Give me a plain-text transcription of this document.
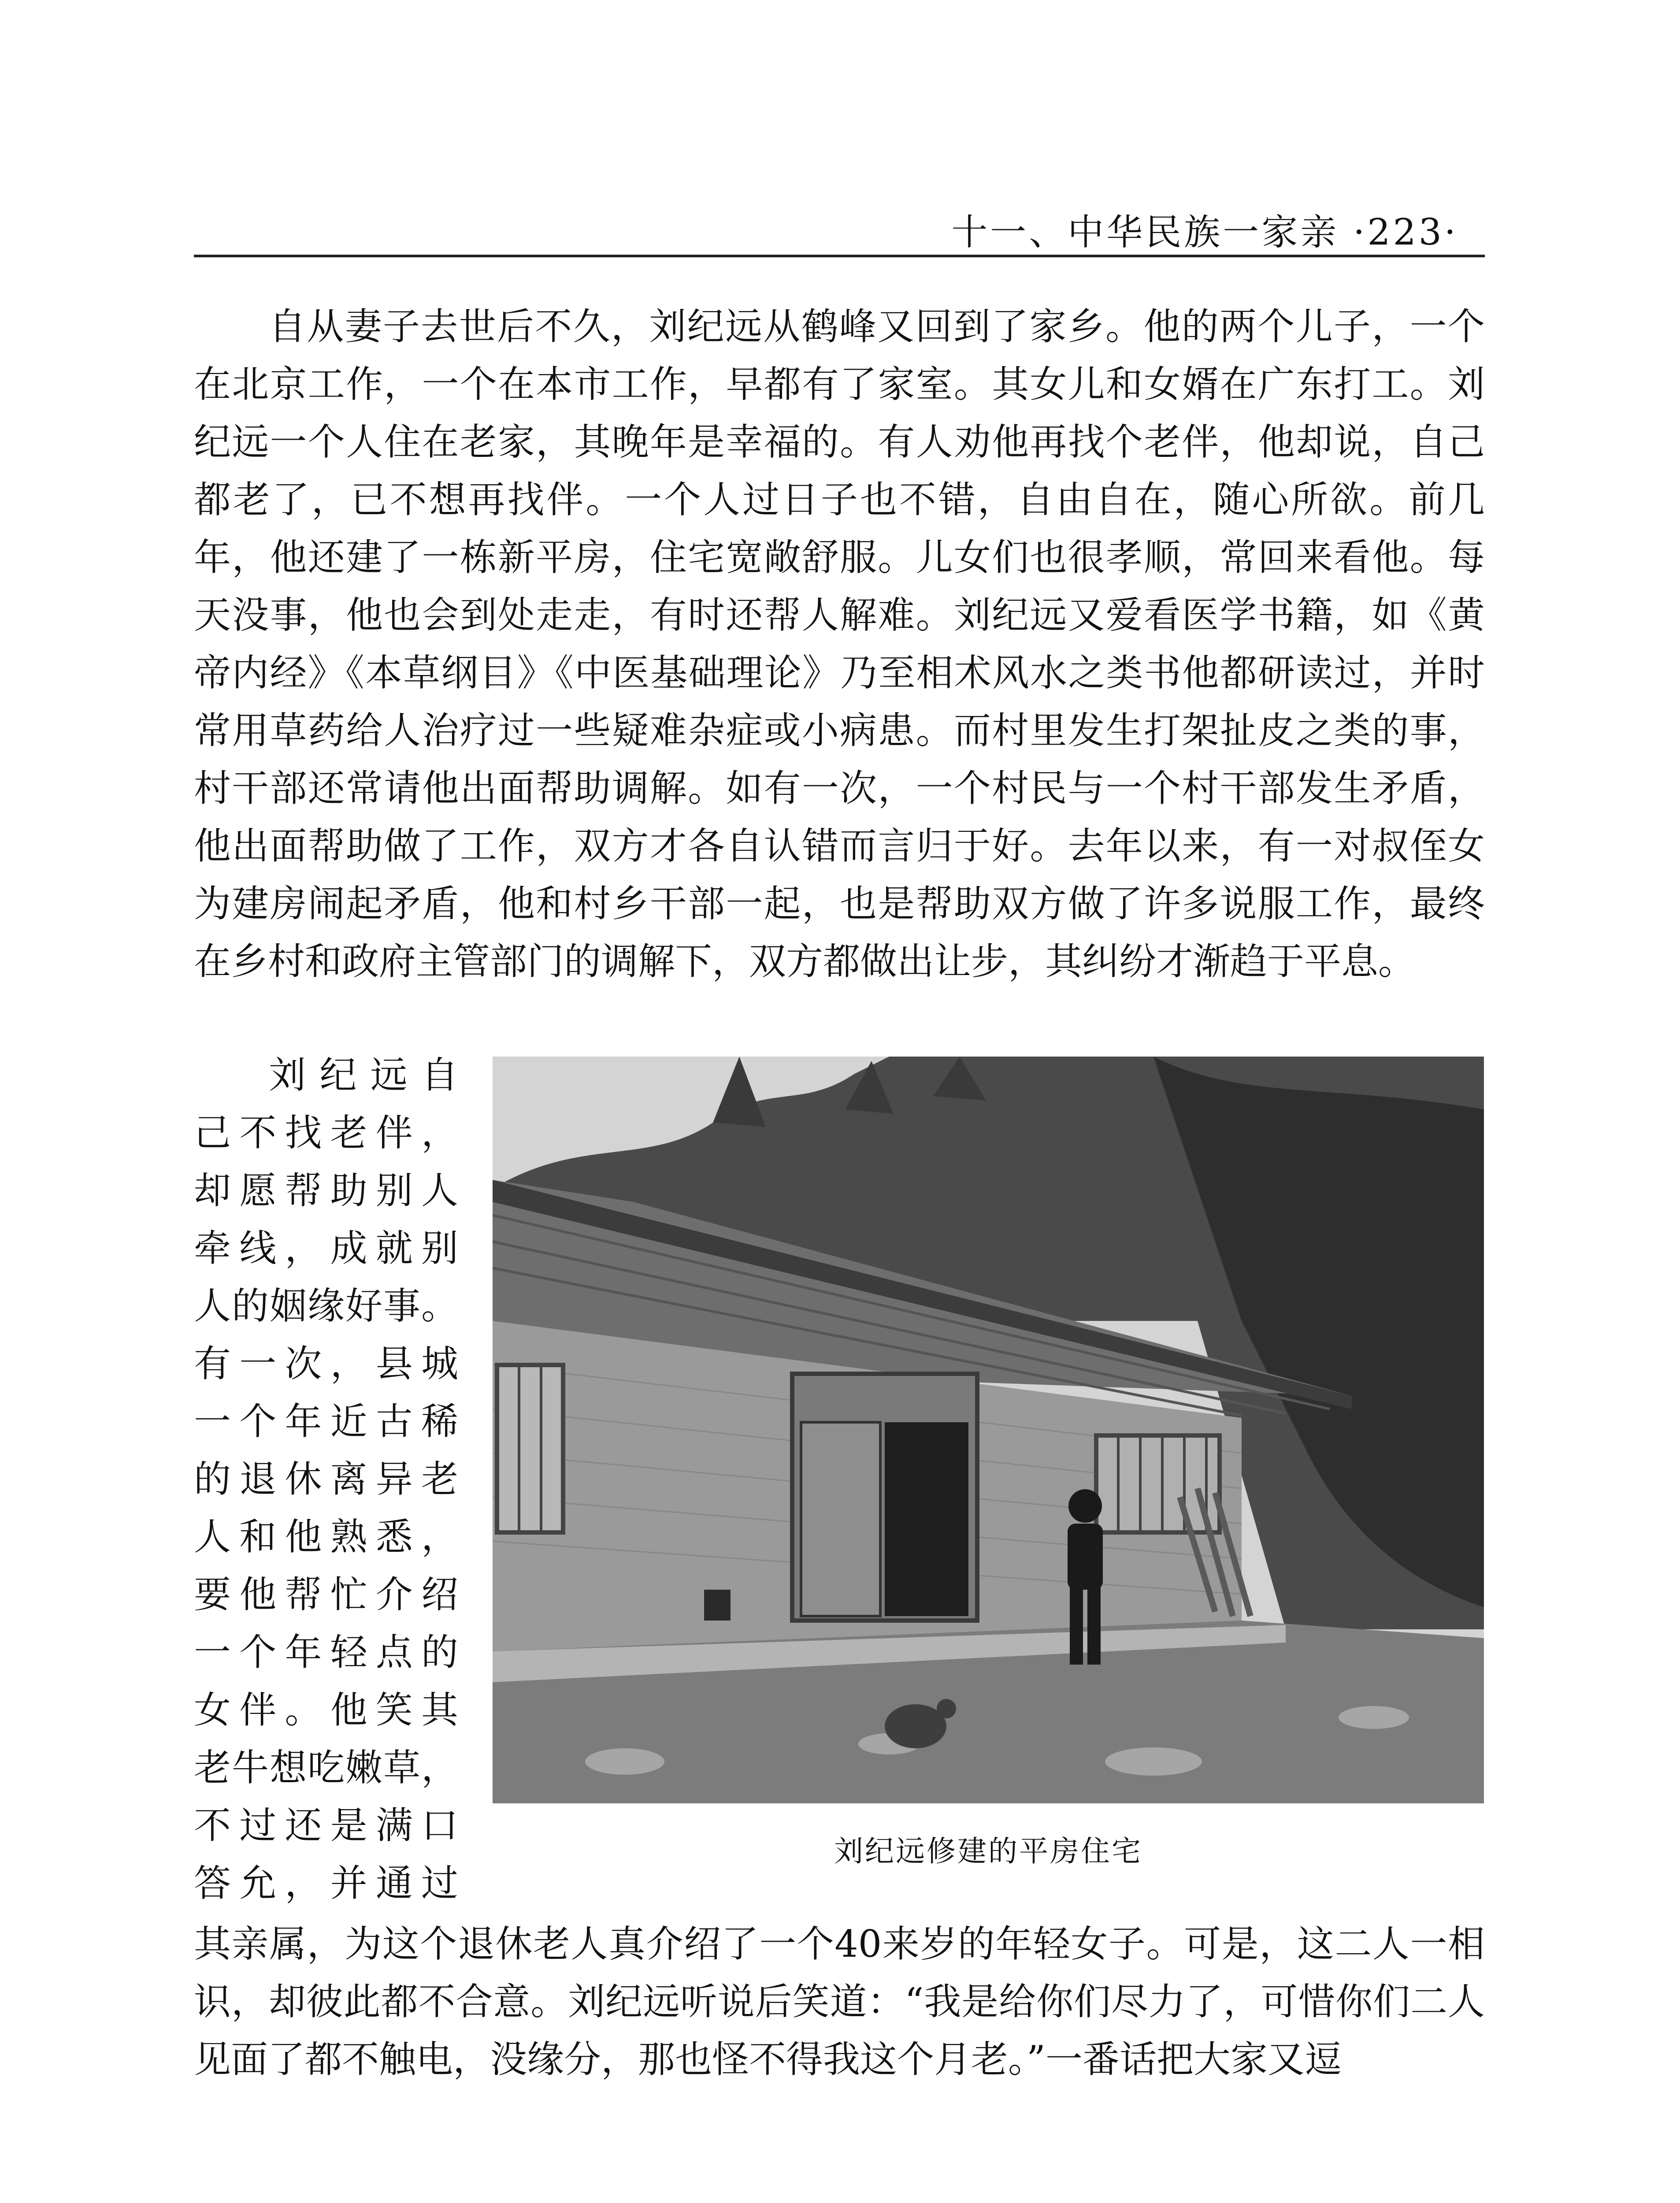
十一、中华民族一家亲 ·223·

自从妻子去世后不久，刘纪远从鹤峰又回到了家乡。他的两个儿子，一个在北京工作，一个在本市工作，早都有了家室。其女儿和女婿在广东打工。刘纪远一个人住在老家，其晚年是幸福的。有人劝他再找个老伴，他却说，自己都老了，已不想再找伴。一个人过日子也不错，自由自在，随心所欲。前几年，他还建了一栋新平房，住宅宽敞舒服。儿女们也很孝顺，常回来看他。每天没事，他也会到处走走，有时还帮人解难。刘纪远又爱看医学书籍，如《黄帝内经》《本草纲目》《中医基础理论》乃至相术风水之类书他都研读过，并时常用草药给人治疗过一些疑难杂症或小病患。而村里发生打架扯皮之类的事，村干部还常请他出面帮助调解。如有一次，一个村民与一个村干部发生矛盾，他出面帮助做了工作，双方才各自认错而言归于好。去年以来，有一对叔侄女为建房闹起矛盾，他和村乡干部一起，也是帮助双方做了许多说服工作，最终在乡村和政府主管部门的调解下，双方都做出让步，其纠纷才渐趋于平息。

刘纪远自
己不找老伴，
却愿帮助别人
牵线，成就别
人的姻缘好事。
有一次，县城
一个年近古稀
的退休离异老
人和他熟悉，
要他帮忙介绍
一个年轻点的
女伴。他笑其
老牛想吃嫩草，
不过还是满口
答允，并通过
刘纪远修建的平房住宅

其亲属，为这个退休老人真介绍了一个40来岁的年轻女子。可是，这二人一相识，却彼此都不合意。刘纪远听说后笑道：“我是给你们尽力了，可惜你们二人见面了都不触电，没缘分，那也怪不得我这个月老。”一番话把大家又逗
